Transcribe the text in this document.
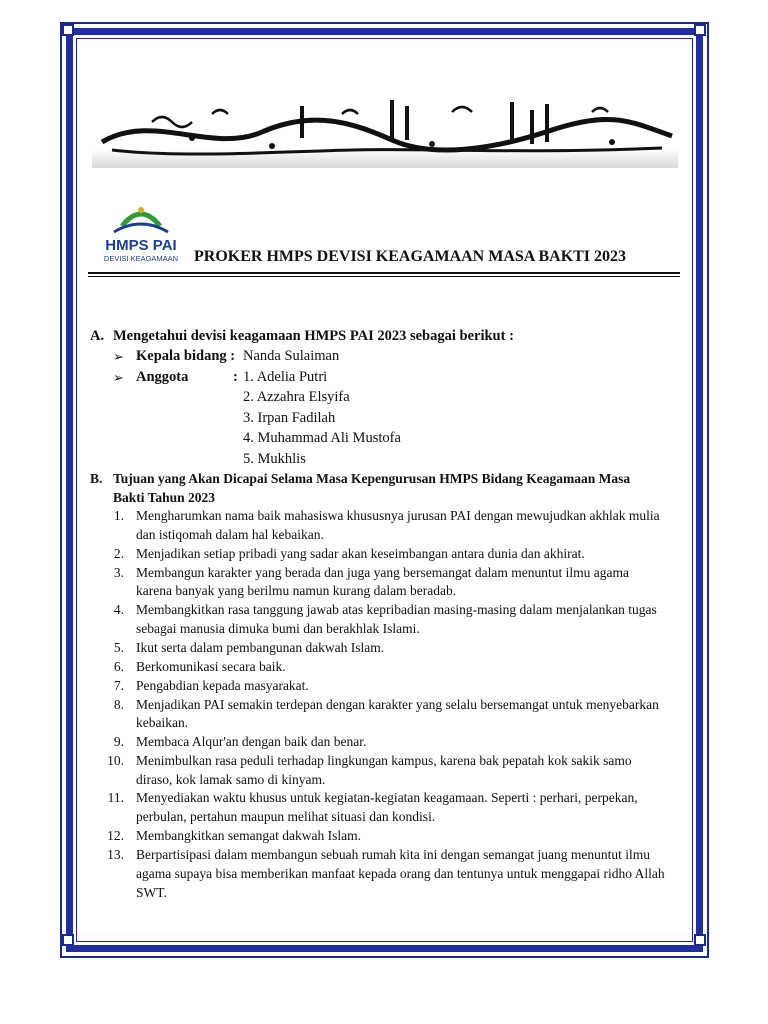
HMPS PAI
DEVISI KEAGAMAAN PROKER HMPS DEVISI KEAGAMAAN MASA BAKTI 2023
A. Mengetahui devisi keagamaan HMPS PAI 2023 sebagai berikut :
➢ Kepala bidang : Nanda Sulaiman
➢ Anggota	: 1. Adelia Putri
2. Azzahra Elsyifa
3. Irpan Fadilah
4. Muhammad Ali Mustofa
5. Mukhlis
B. Tujuan yang Akan Dicapai Selama Masa Kepengurusan HMPS Bidang Keagamaan Masa
Bakti Tahun 2023
1. Mengharumkan nama baik mahasiswa khususnya jurusan PAI dengan mewujudkan akhlak mulia
dan istiqomah dalam hal kebaikan.
2. Menjadikan setiap pribadi yang sadar akan keseimbangan antara dunia dan akhirat.
3. Membangun karakter yang berada dan juga yang bersemangat dalam menuntut ilmu agama
karena banyak yang berilmu namun kurang dalam beradab.
4. Membangkitkan rasa tanggung jawab atas kepribadian masing-masing dalam menjalankan tugas
sebagai manusia dimuka bumi dan berakhlak Islami.
5. Ikut serta dalam pembangunan dakwah Islam.
6. Berkomunikasi secara baik.
7. Pengabdian kepada masyarakat.
8. Menjadikan PAI semakin terdepan dengan karakter yang selalu bersemangat untuk menyebarkan
kebaikan.
9. Membaca Alqur'an dengan baik dan benar.
10. Menimbulkan rasa peduli terhadap lingkungan kampus, karena bak pepatah kok sakik samo
diraso, kok lamak samo di kinyam.
11. Menyediakan waktu khusus untuk kegiatan-kegiatan keagamaan. Seperti : perhari, perpekan,
perbulan, pertahun maupun melihat situasi dan kondisi.
12. Membangkitkan semangat dakwah Islam.
13. Berpartisipasi dalam membangun sebuah rumah kita ini dengan semangat juang menuntut ilmu
agama supaya bisa memberikan manfaat kepada orang dan tentunya untuk menggapai ridho Allah
SWT.
